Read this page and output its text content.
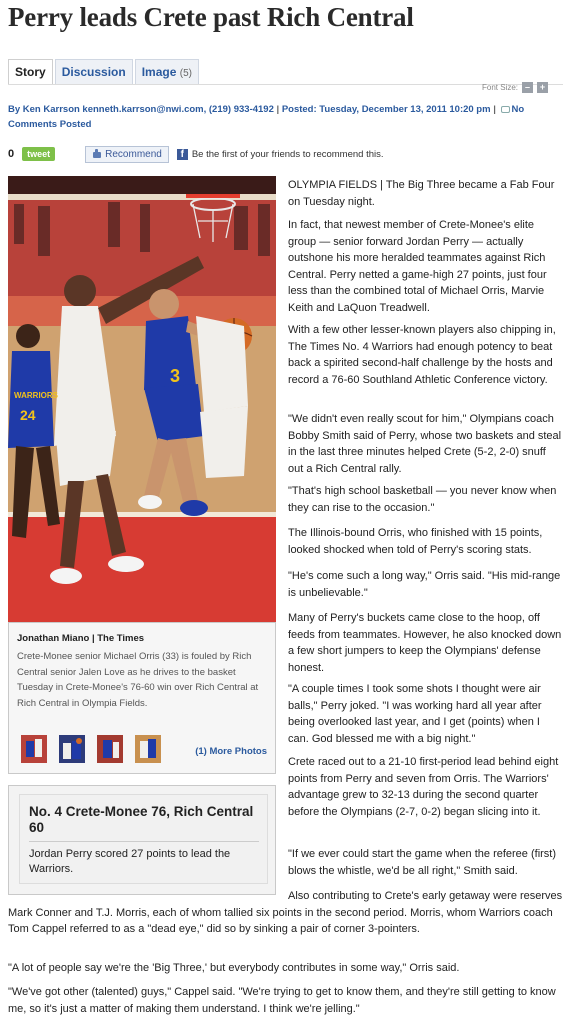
Perry leads Crete past Rich Central
Story	Discussion	Image (5)
Font Size: –	+
By Ken Karrson kenneth.karrson@nwi.com, (219) 933-4192 | Posted: Tuesday, December 13, 2011 10:20 pm | No Comments Posted
0	tweet	Recommend	f Be the first of your friends to recommend this.
3
WARRIORS
24
Jonathan Miano | The Times
Crete-Monee senior Michael Orris (33) is fouled by Rich Central senior Jalen Love as he drives to the basket Tuesday in Crete-Monee's 76-60 win over Rich Central at Rich Central in Olympia Fields.
(1) More Photos
No. 4 Crete-Monee 76, Rich Central 60
Jordan Perry scored 27 points to lead the Warriors.

OLYMPIA FIELDS | The Big Three became a Fab Four on Tuesday night.

In fact, that newest member of Crete-Monee's elite group — senior forward Jordan Perry — actually outshone his more heralded teammates against Rich Central. Perry netted a game-high 27 points, just four less than the combined total of Michael Orris, Marvie Keith and LaQuon Treadwell.

With a few other lesser-known players also chipping in, The Times No. 4 Warriors had enough potency to beat back a spirited second-half challenge by the hosts and record a 76-60 Southland Athletic Conference victory.

"We didn't even really scout for him," Olympians coach Bobby Smith said of Perry, whose two baskets and steal in the last three minutes helped Crete (5-2, 2-0) snuff out a Rich Central rally.

"That's high school basketball — you never know when they can rise to the occasion."

The Illinois-bound Orris, who finished with 15 points, looked shocked when told of Perry's scoring stats.

"He's come such a long way," Orris said. "His mid-range is unbelievable."

Many of Perry's buckets came close to the hoop, off feeds from teammates. However, he also knocked down a few short jumpers to keep the Olympians' defense honest.

"A couple times I took some shots I thought were air balls," Perry joked. "I was working hard all year after being overlooked last year, and I get (points) when I can. God blessed me with a big night."

Crete raced out to a 21-10 first-period lead behind eight points from Perry and seven from Orris. The Warriors' advantage grew to 32-13 during the second quarter before the Olympians (2-7, 0-2) began slicing into it.

"If we ever could start the game when the referee (first) blows the whistle, we'd be all right," Smith said.

Also contributing to Crete's early getaway were reserves Mark Conner and T.J. Morris, each of whom tallied six points in the second period. Morris, whom Warriors coach Tom Cappel referred to as a "dead eye," did so by sinking a pair of corner 3-pointers.

"A lot of people say we're the 'Big Three,' but everybody contributes in some way," Orris said.

"We've got other (talented) guys," Cappel said. "We're trying to get to know them, and they're still getting to know me, so it's just a matter of making them understand. I think we're jelling."
